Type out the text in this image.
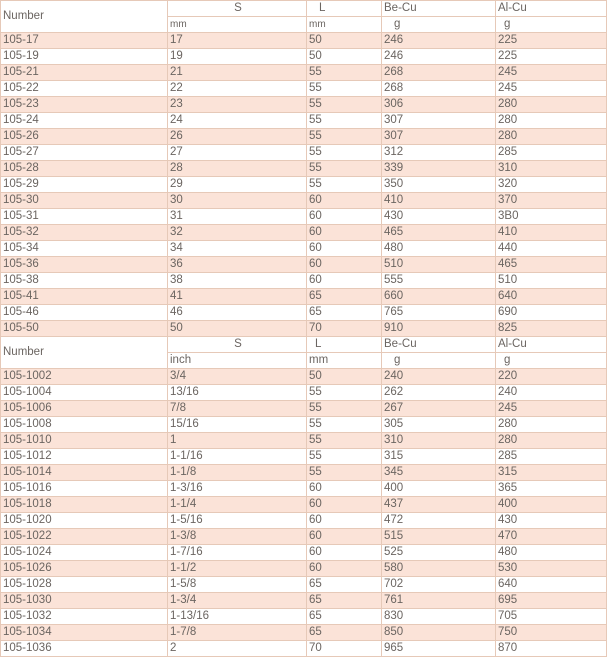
Number	S	L	Be-Cu	Al-Cu
	mm	mm	g	g
105-17	17	50	246	225
105-19	19	50	246	225
105-21	21	55	268	245
105-22	22	55	268	245
105-23	23	55	306	280
105-24	24	55	307	280
105-26	26	55	307	280
105-27	27	55	312	285
105-28	28	55	339	310
105-29	29	55	350	320
105-30	30	60	410	370
105-31	31	60	430	3B0
105-32	32	60	465	410
105-34	34	60	480	440
105-36	36	60	510	465
105-38	38	60	555	510
105-41	41	65	660	640
105-46	46	65	765	690
105-50	50	70	910	825
Number	S	L	Be-Cu	Al-Cu
	inch	mm	g	g
105-1002	3/4	50	240	220
105-1004	13/16	55	262	240
105-1006	7/8	55	267	245
105-1008	15/16	55	305	280
105-1010	1	55	310	280
105-1012	1-1/16	55	315	285
105-1014	1-1/8	55	345	315
105-1016	1-3/16	60	400	365
105-1018	1-1/4	60	437	400
105-1020	1-5/16	60	472	430
105-1022	1-3/8	60	515	470
105-1024	1-7/16	60	525	480
105-1026	1-1/2	60	580	530
105-1028	1-5/8	65	702	640
105-1030	1-3/4	65	761	695
105-1032	1-13/16	65	830	705
105-1034	1-7/8	65	850	750
105-1036	2	70	965	870
